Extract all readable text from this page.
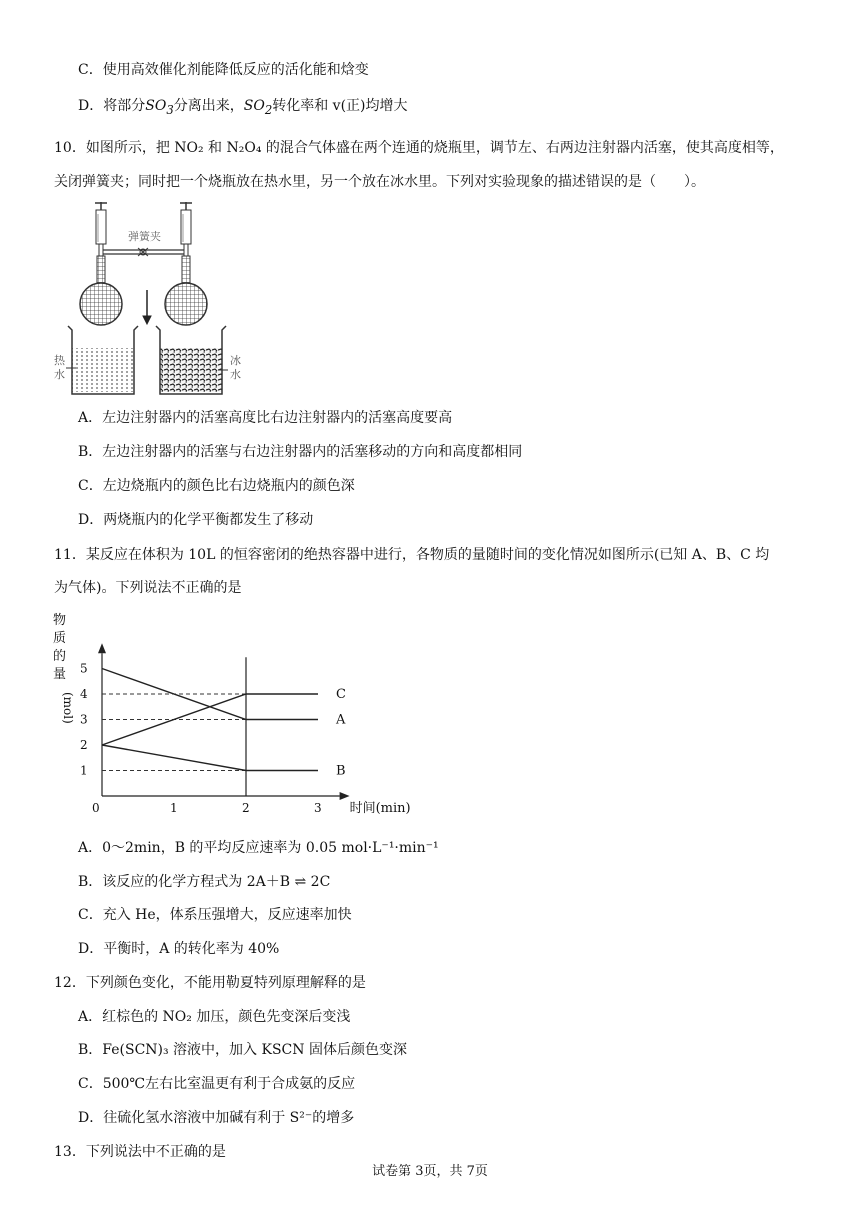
C．使用高效催化剂能降低反应的活化能和焓变
D．将部分$SO_3$分离出来，$SO_2$转化率和 v(正)均增大
10．如图所示，把 NO₂ 和 N₂O₄ 的混合气体盛在两个连通的烧瓶里，调节左、右两边注射器内活塞，使其高度相等，
关闭弹簧夹；同时把一个烧瓶放在热水里，另一个放在冰水里。下列对实验现象的描述错误的是（　　）。
弹簧夹
热
水
冰
水
A．左边注射器内的活塞高度比右边注射器内的活塞高度要高
B．左边注射器内的活塞与右边注射器内的活塞移动的方向和高度都相同
C．左边烧瓶内的颜色比右边烧瓶内的颜色深
D．两烧瓶内的化学平衡都发生了移动
11．某反应在体积为 10L 的恒容密闭的绝热容器中进行，各物质的量随时间的变化情况如图所示(已知 A、B、C 均
为气体)。下列说法不正确的是
物
质
的
量
(mol)
1
2
3
4
5
0	1	2	3 时间(min)
A
B
C
A．0～2min，B 的平均反应速率为 0.05 mol·L⁻¹·min⁻¹
B．该反应的化学方程式为 2A＋B ⇌ 2C
C．充入 He，体系压强增大，反应速率加快
D．平衡时，A 的转化率为 40%
12．下列颜色变化，不能用勒夏特列原理解释的是
A．红棕色的 NO₂ 加压，颜色先变深后变浅
B．Fe(SCN)₃ 溶液中，加入 KSCN 固体后颜色变深
C．500℃左右比室温更有利于合成氨的反应
D．往硫化氢水溶液中加碱有利于 S²⁻的增多
13．下列说法中不正确的是
试卷第 3页，共 7页
